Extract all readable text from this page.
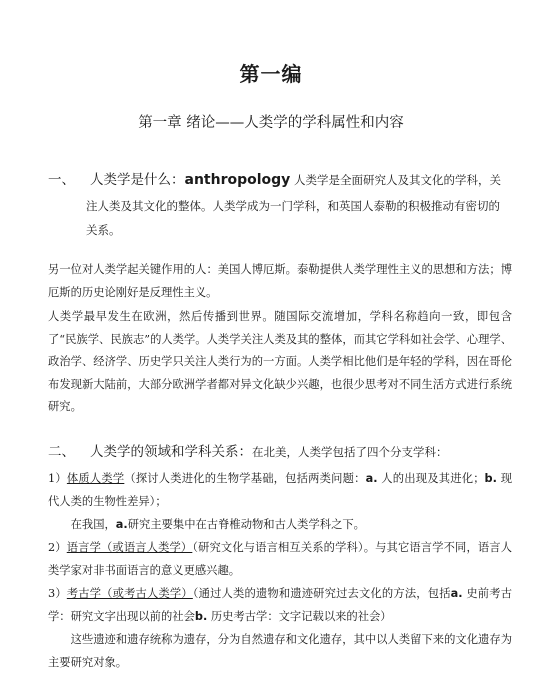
第一编
第一章 绪论——人类学的学科属性和内容
一、 人类学是什么：anthropology 人类学是全面研究人及其文化的学科，关
注人类及其文化的整体。人类学成为一门学科，和英国人泰勒的积极推动有密切的关系。
另一位对人类学起关键作用的人：美国人博厄斯。泰勒提供人类学理性主义的思想和方法；博厄斯的历史论刚好是反理性主义。
人类学最早发生在欧洲，然后传播到世界。随国际交流增加，学科名称趋向一致，即包含了“民族学、民族志”的人类学。人类学关注人类及其的整体，而其它学科如社会学、心理学、政治学、经济学、历史学只关注人类行为的一方面。人类学相比他们是年轻的学科，因在哥伦布发现新大陆前，大部分欧洲学者都对异文化缺少兴趣，也很少思考对不同生活方式进行系统研究。
二、 人类学的领域和学科关系：在北美，人类学包括了四个分支学科：
1）体质人类学（探讨人类进化的生物学基础，包括两类问题：a. 人的出现及其进化；b. 现代人类的生物性差异）；
在我国，a.研究主要集中在古脊椎动物和古人类学科之下。
2）语言学（或语言人类学）（研究文化与语言相互关系的学科）。与其它语言学不同，语言人类学家对非书面语言的意义更感兴趣。
3）考古学（或考古人类学）（通过人类的遗物和遗迹研究过去文化的方法，包括a. 史前考古学：研究文字出现以前的社会b. 历史考古学：文字记载以来的社会）
这些遗迹和遗存统称为遗存，分为自然遗存和文化遗存，其中以人类留下来的文化遗存为主要研究对象。
